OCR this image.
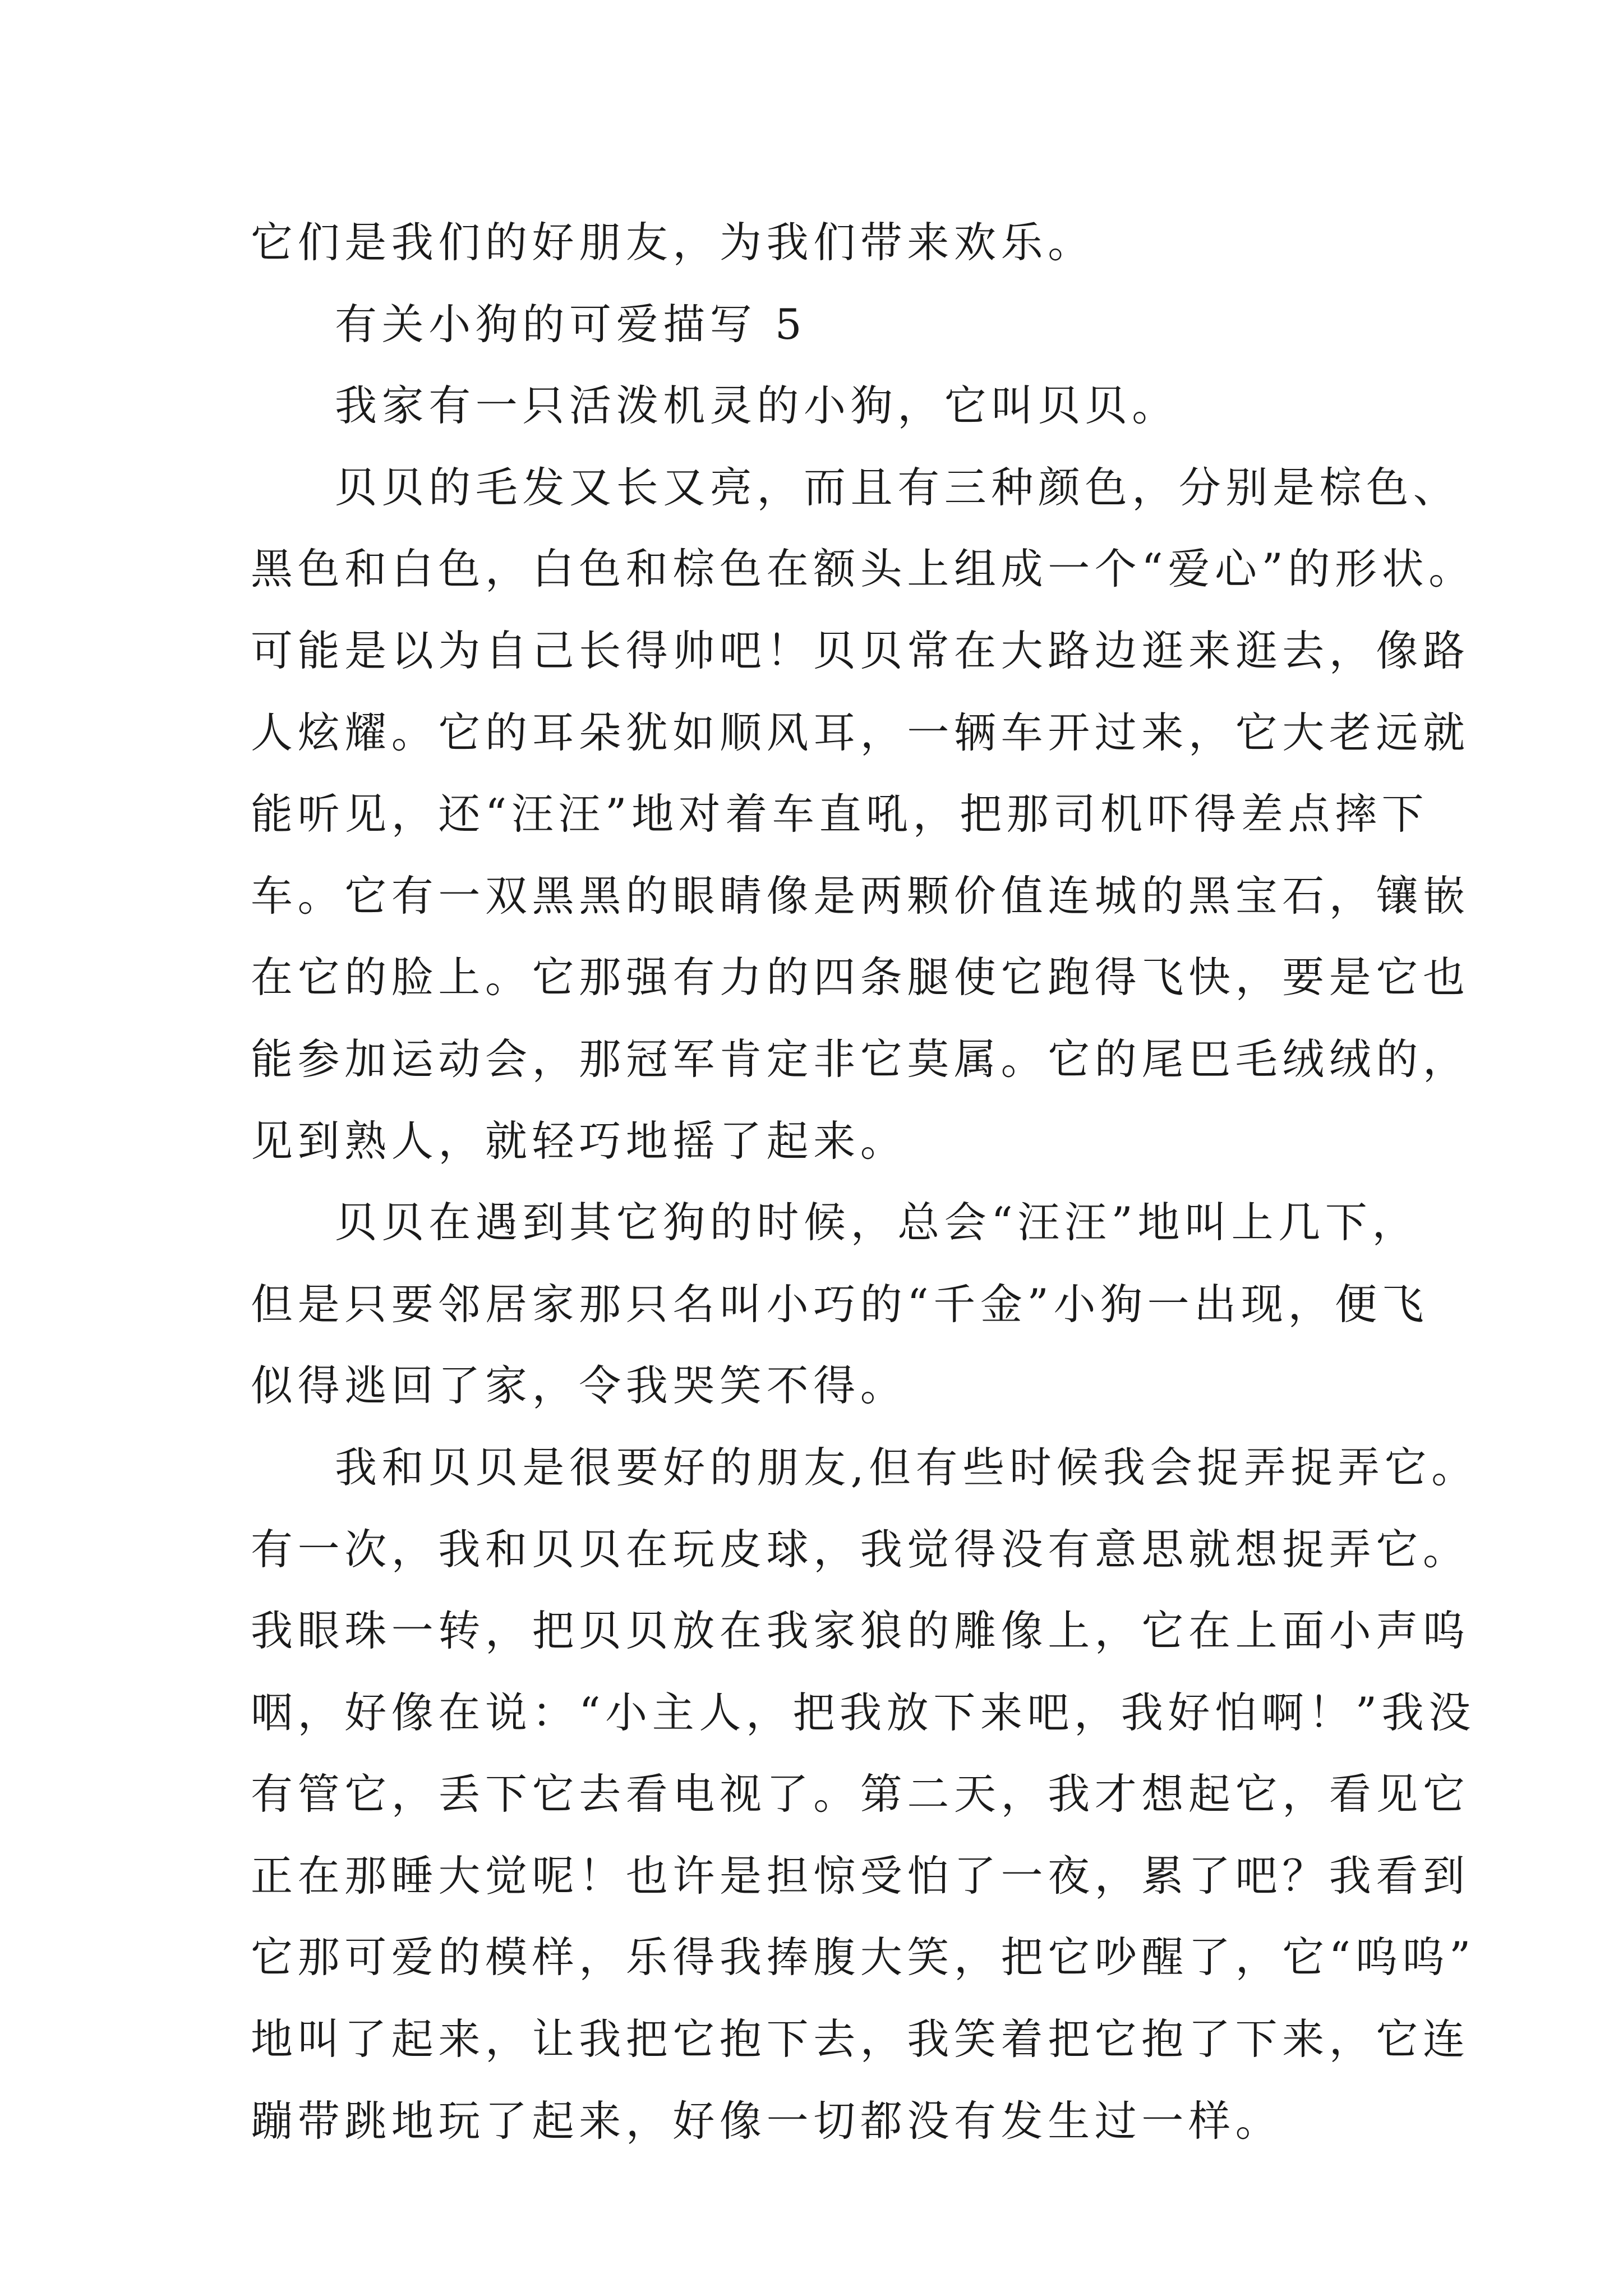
它们是我们的好朋友，为我们带来欢乐。
有关小狗的可爱描写 5
我家有一只活泼机灵的小狗，它叫贝贝。
贝贝的毛发又长又亮，而且有三种颜色，分别是棕色、
黑色和白色，白色和棕色在额头上组成一个“爱心”的形状。
可能是以为自己长得帅吧！贝贝常在大路边逛来逛去，像路
人炫耀。它的耳朵犹如顺风耳，一辆车开过来，它大老远就
能听见，还“汪汪”地对着车直吼，把那司机吓得差点摔下
车。它有一双黑黑的眼睛像是两颗价值连城的黑宝石，镶嵌
在它的脸上。它那强有力的四条腿使它跑得飞快，要是它也
能参加运动会，那冠军肯定非它莫属。它的尾巴毛绒绒的，
见到熟人，就轻巧地摇了起来。
贝贝在遇到其它狗的时候，总会“汪汪”地叫上几下，
但是只要邻居家那只名叫小巧的“千金”小狗一出现，便飞
似得逃回了家，令我哭笑不得。
我和贝贝是很要好的朋友,但有些时候我会捉弄捉弄它。
有一次，我和贝贝在玩皮球，我觉得没有意思就想捉弄它。
我眼珠一转，把贝贝放在我家狼的雕像上，它在上面小声呜
咽，好像在说：“小主人，把我放下来吧，我好怕啊！”我没
有管它，丢下它去看电视了。第二天，我才想起它，看见它
正在那睡大觉呢！也许是担惊受怕了一夜，累了吧？我看到
它那可爱的模样，乐得我捧腹大笑，把它吵醒了，它“呜呜”
地叫了起来，让我把它抱下去，我笑着把它抱了下来，它连
蹦带跳地玩了起来，好像一切都没有发生过一样。
